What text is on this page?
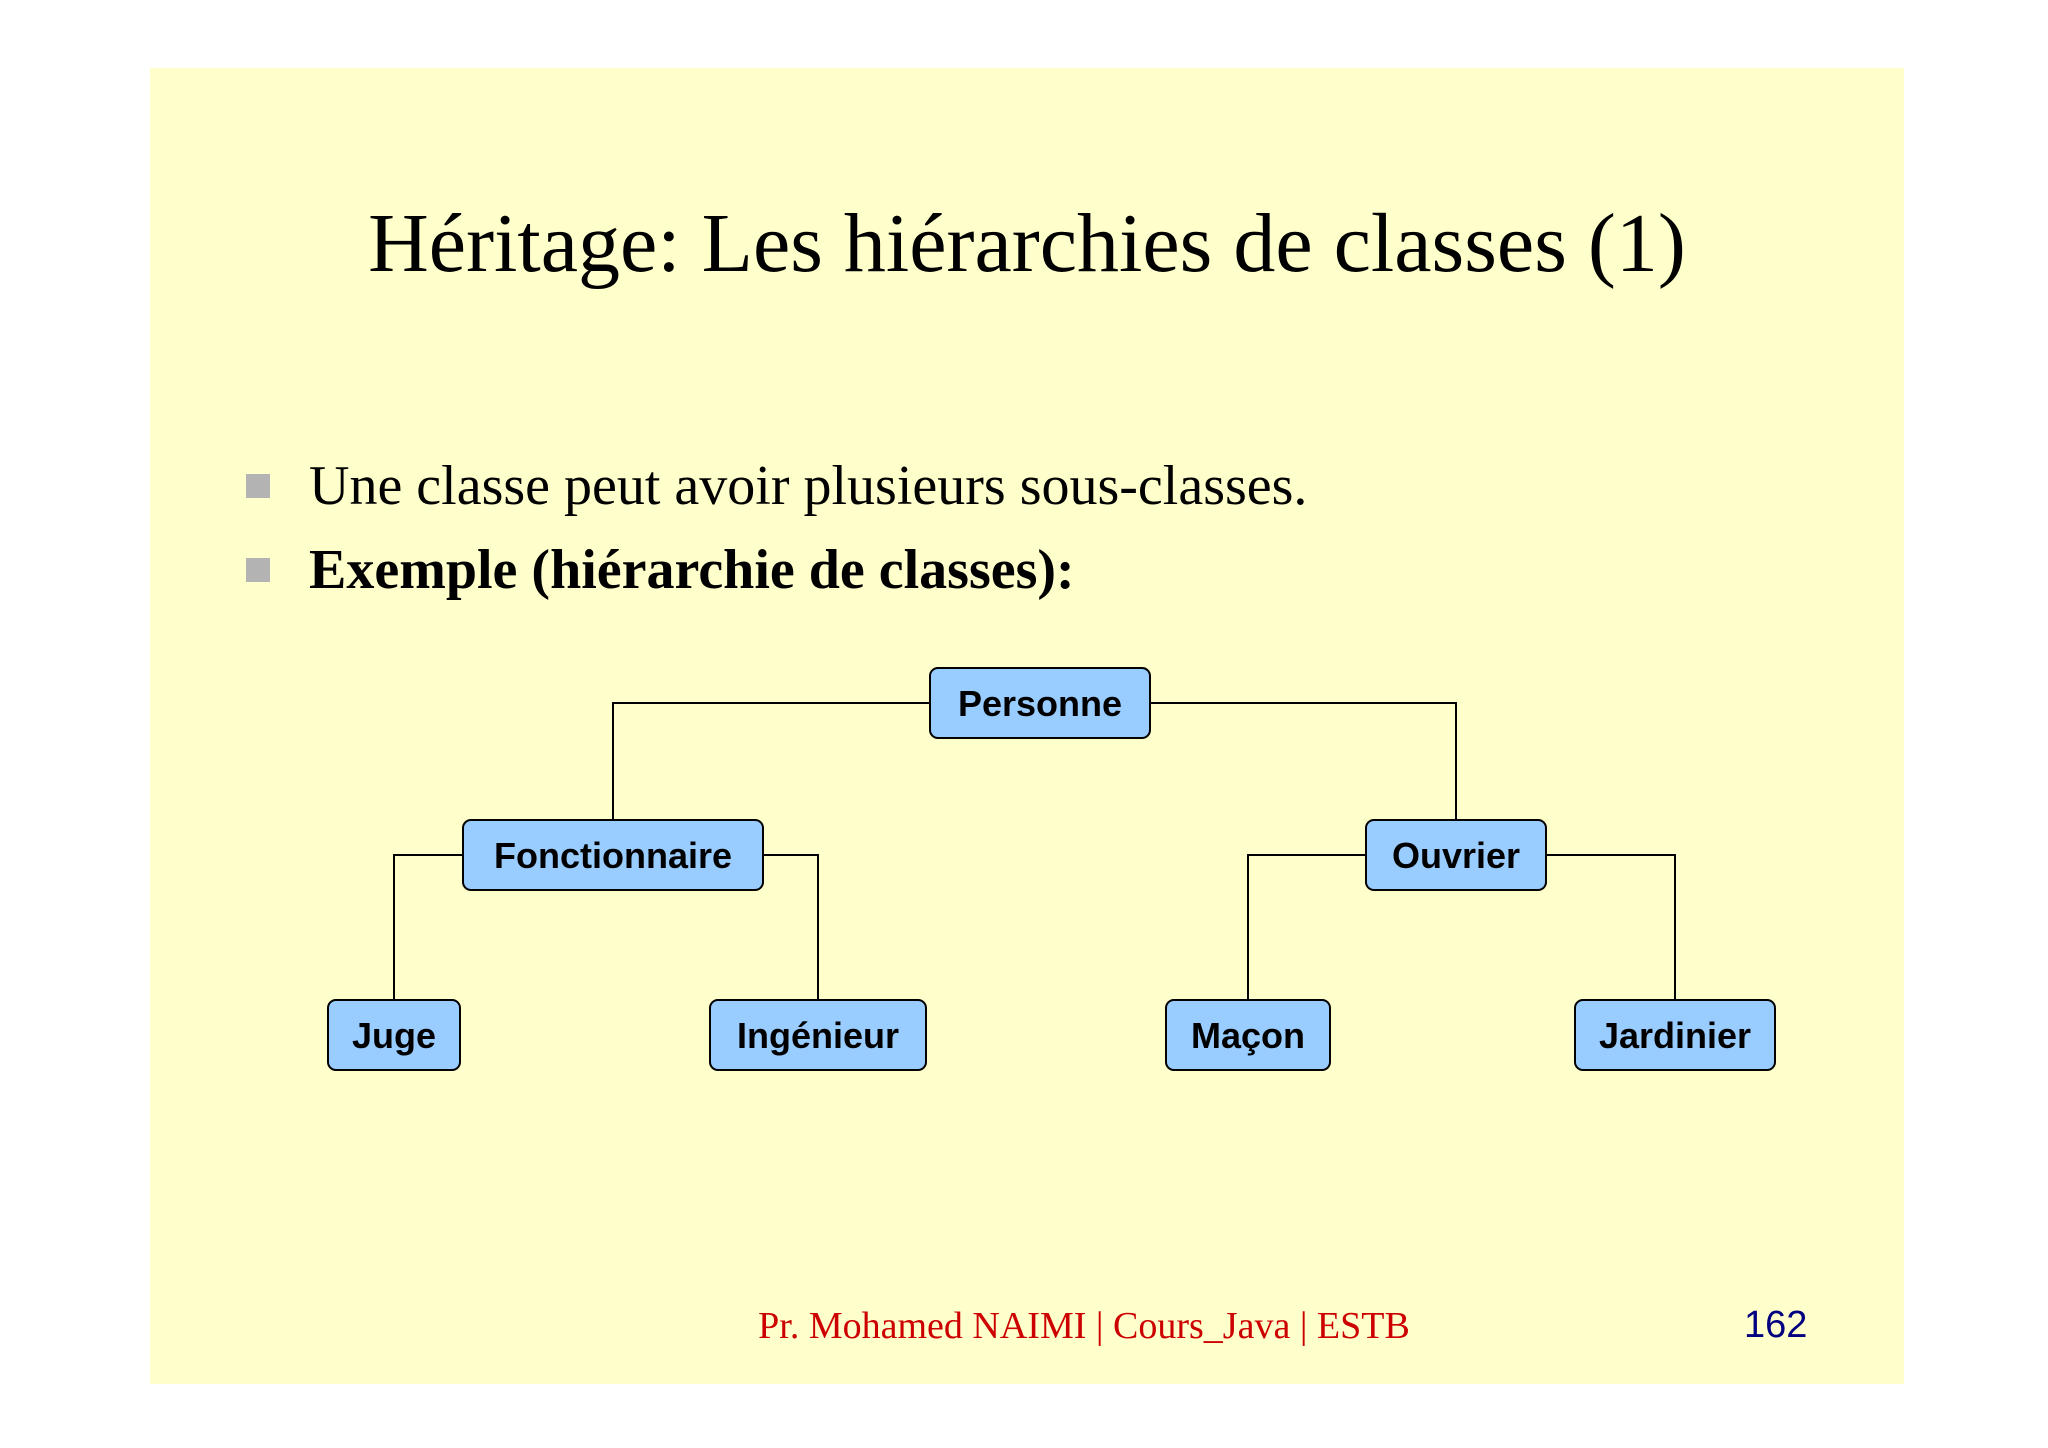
Héritage: Les hiérarchies de classes (1)
Une classe peut avoir plusieurs sous-classes.
Exemple (hiérarchie de classes):
Personne
Fonctionnaire	Ouvrier
Juge	Ingénieur	Maçon	Jardinier
Pr. Mohamed NAIMI | Cours_Java | ESTB	162
